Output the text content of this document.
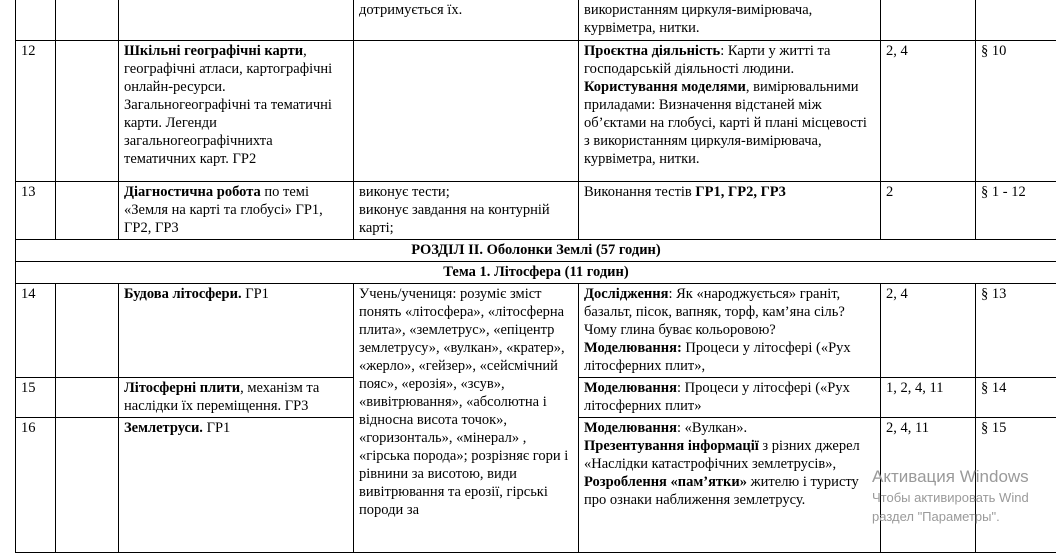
			дотримується їх.	використанням циркуля-вимірювача,
курвіметра, нитки.		
12		Шкільні географічні карти, географічні атласи, картографічні онлайн-ресурси. Загальногеографічні та тематичні карти. Легенди загальногеографічнихта тематичних карт. ГР2		Проєктна діяльність: Карти у житті та господарській діяльності людини.
Користування моделями, вимірювальними приладами: Визначення відстаней між об’єктами на глобусі, карті й плані місцевості з використанням циркуля-вимірювача, курвіметра, нитки.	2, 4	§ 10
13		Діагностична робота по темі «Земля на карті та глобусі» ГР1, ГР2, ГР3	виконує тести;
виконує завдання на контурній карті;	Виконання тестів ГР1, ГР2, ГР3	2	§ 1 - 12
РОЗДІЛ ІІ. Оболонки Землі (57 годин)						
Тема 1. Літосфера (11 годин)						
14		Будова літосфери. ГР1	Учень/учениця: розуміє зміст понять «літосфера», «літосферна плита», «землетрус», «епіцентр землетрусу», «вулкан», «кратер», «жерло», «гейзер», «сейсмічний пояс», «ерозія», «зсув», «вивітрювання», «абсолютна і відносна висота точок», «горизонталь», «мінерал» , «гірська порода»; розрізняє гори і рівнини за висотою, види вивітрювання та ерозії, гірські породи за	Дослідження: Як «народжується» граніт, базальт, пісок, вапняк, торф, кам’яна сіль? Чому глина буває кольоровою?
Моделювання: Процеси у літосфері («Рух літосферних плит»,	2, 4	§ 13
15		Літосферні плити, механізм та наслідки їх переміщення. ГР3		Моделювання: Процеси у літосфері («Рух літосферних плит»	1, 2, 4, 11	§ 14
16		Землетруси. ГР1		Моделювання: «Вулкан».
Презентування інформації з різних джерел «Наслідки катастрофічних землетрусів»,
Розроблення «пам’ятки» жителю і туристу про ознаки наближення землетрусу.	2, 4, 11	§ 15
Активация Windows
Чтобы активировать Wind
раздел "Параметры".
